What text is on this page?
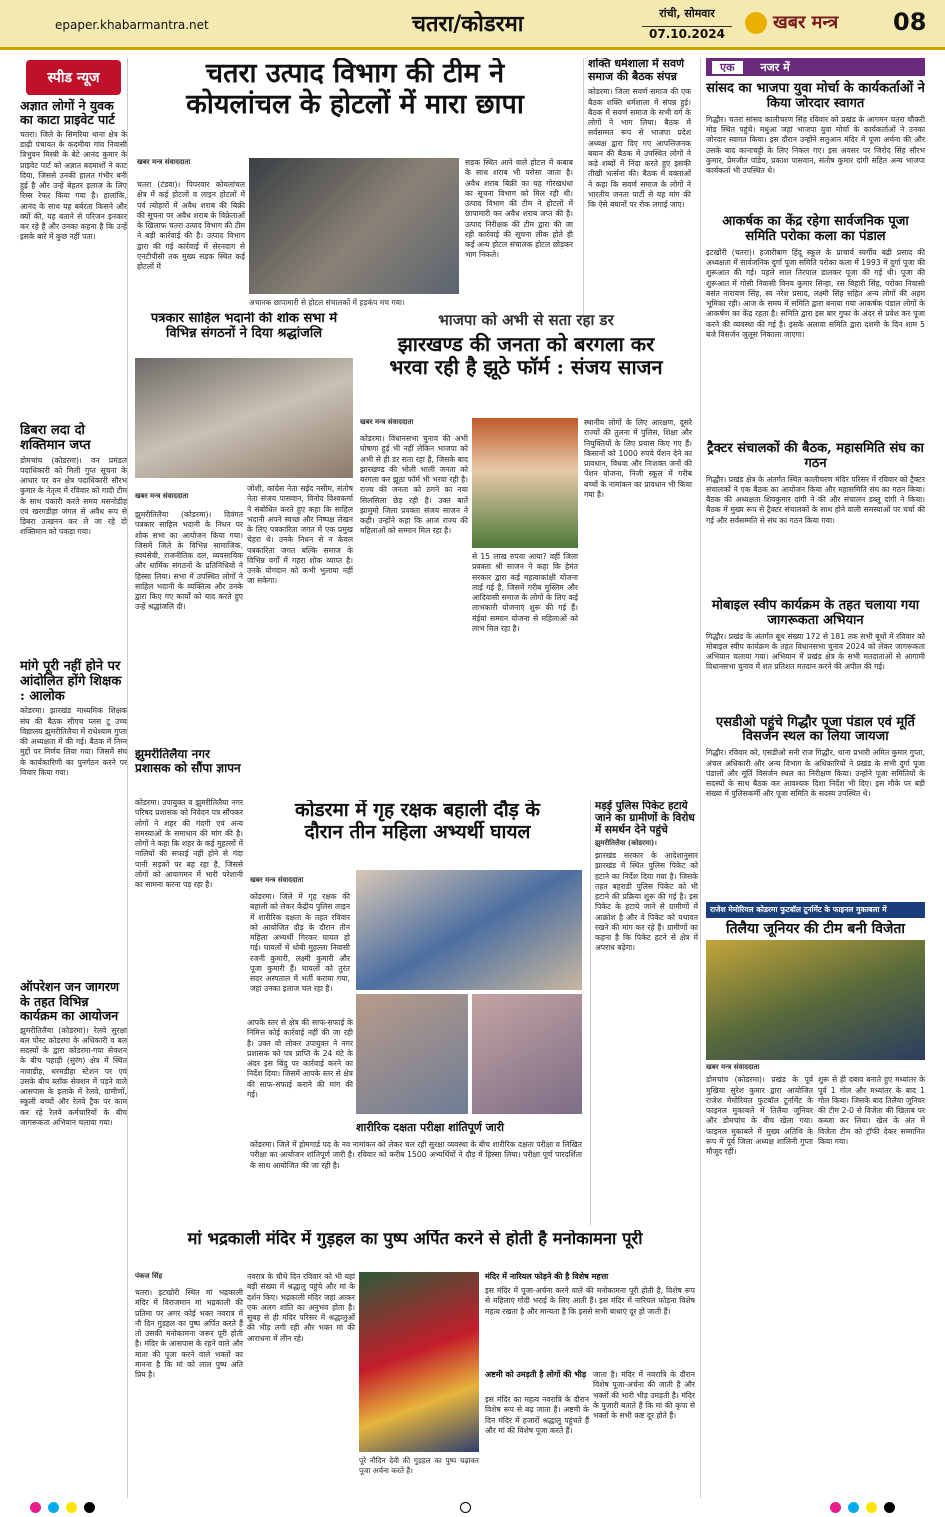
epaper.khabarmantra.net	चतरा/कोडरमा	रांची, सोमवार
07.10.2024
खबर मन्त्र 08
स्पीड न्यूज
अज्ञात लोगों ने युवक का काटा प्राइवेट पार्ट
चतरा। जिले के सिमरिया थाना क्षेत्र के डाढ़ी पंचायत के कदमीया गांव निवासी त्रिभुवन मिस्त्री के बेटे आनंद कुमार के प्राइवेट पार्ट को अज्ञात बदमाशों ने काट दिया, जिससे उनकी हालत गंभीर बनी हुई है और उन्हें बेहतर इलाज के लिए रिम्स रेफर किया गया है। हालांकि, आनंद के साथ यह बर्बरता किसने और क्यों की, यह बताने से परिजन इनकार कर रहे हैं और उनका कहना है कि उन्हें इसके बारे में कुछ नहीं पता।
डिबरा लदा दो शक्तिमान जप्त
डोमचांच (कोडरमा)। वन प्रमंडल पदाधिकारी को मिली गुप्त सूचना के आधार पर वन क्षेत्र पदाधिकारी सौरभ कुमार के नेतृत्व में रविवार को गादी टीम के साथ पंकारी करते समय मसनोडीह एवं खरगडीहा जंगल से अवैध रूप से डिबरा उत्खनन कर ले जा रहे दो शक्तिमान को पकड़ा गया।
मांगे पूरी नहीं होने पर आंदोलित होंगे शिक्षक : आलोक
कोडरमा। झारखंड माध्यमिक शिक्षक संघ की बैठक सीएच प्लस टू उच्च विद्यालय झुमरीतिलैया में राधेश्याम गुप्ता की अध्यक्षता में की गई। बैठक में निम्न मुद्दों पर निर्णय लिया गया। जिसमें संघ के कार्यकारिणी का पुनर्गठन करने पर विचार किया गया।
ऑपरेशन जन जागरण के तहत विभिन्न कार्यक्रम का आयोजन
झुमरीतिलैया (कोडरमा)। रेलवे सुरक्षा बल पोस्ट कोडरमा के अधिकारी व बल सदस्यों के द्वारा कोडरमा-गया सेक्शन के बीच पहाड़ी (सुरंग) क्षेत्र में स्थित नावाडीह, धरमडीहा स्टेशन पर एवं उसके बीच ब्लॉक सेक्शन में पड़ने वाले आसपास के इलाके में रेलवे, ग्रामीणों, स्कूली बच्चों और रेलवे ट्रैक पर काम कर रहे रेलवे कर्मचारियों के बीच जागरूकता अभियान चलाया गया।
चतरा उत्पाद विभाग की टीम ने
कोयलांचल के होटलों में मारा छापा
खबर मन्त्र संवाददाता
चतरा (टंडवा)। पिपरवार कोयलांचल क्षेत्र में कई होटलों व लाइन होटलों में पर्व त्योहारों में अवैध शराब की बिक्री की सूचना पर अवैध शराब के विक्रेताओं के खिलाफ चतरा उत्पाद विभाग की टीम ने बड़ी कार्रवाई की है। उत्पाद विभाग द्वारा की गई कार्रवाई में सेरनदाग से एनटीपीसी तक मुख्य सड़क स्थित कई होटलों में
अचानक छापामारी से होटल संचालकों में हड़कंप मच गया।
सड़क स्थित आने वाले होटल में कबाब के साथ शराब भी परोसा जाता है। अवैध शराब बिक्री का यह गोरखधंधा का सूचना विभाग को मिल रही थी। उत्पाद विभाग की टीम ने होटलों में छापामारी कर अवैध शराब जप्त की है। उत्पाद निरीक्षक की टीम द्वारा की जा रही कार्रवाई की सूचना लीक होते ही कई अन्य होटल संचालक होटल छोड़कर भाग निकले।
शक्ति धर्मशाला में सवर्ण समाज की बैठक संपन्न
कोडरमा। जिला सवर्ण समाज की एक बैठक शक्ति धर्मशाला में संपन्न हुई। बैठक में सवर्ण समाज के सभी वर्ग के लोगों ने भाग लिया। बैठक में सर्वसम्मत रूप से भाजपा प्रदेश अध्यक्ष द्वारा दिए गए आपत्तिजनक बयान की बैठक में उपस्थित लोगों ने कड़े शब्दों में निंदा करते हुए इसकी तीखी भर्त्सना की। बैठक में वक्ताओं ने कहा कि सवर्ण समाज के लोगों ने भारतीय जनता पार्टी से यह मांग की कि ऐसे बयानों पर रोक लगाई जाए।
एक नजर में
सांसद का भाजपा युवा मोर्चा के कार्यकर्ताओं ने किया जोरदार स्वागत
गिद्धौर। चतरा सांसद कालीचरण सिंह रविवार को प्रखंड के आगमन चतरा चौकरी मोड़ स्थित पहुंचे। मधुआ जहां भाजपा युवा मोर्चा के कार्यकर्ताओं ने उनका जोरदार स्वागत किया। इस दौरान उन्होंने सतुआन मंदिर में पूजा अर्चना की और उसके बाद कानाचट्टी के लिए निकल गए। इस अवसर पर जिरोद सिंह सौरभ कुमार, प्रेमजीत पांडेय, प्रकाश पासवान, संतोष कुमार दांगी सहित अन्य भाजपा कार्यकर्ता भी उपस्थित थे।
आकर्षक का केंद्र रहेगा सार्वजनिक पूजा समिति परोका कला का पंडाल
इटखोरी (चतरा)। हजारीबाग हिंदू स्कूल के प्राचार्य स्वर्गीय बद्री प्रसाद की अध्यक्षता में सार्वजनिक दुर्गा पूजा समिति परोका कला में 1993 में दुर्गा पूजा की शुरूआत की गई। पहले साल तिरपाल डालकर पूजा की गई थी। पूजा की शुरूआत में गोसी निवासी विनय कुमार सिन्हा, रस बिहारी सिंह, परोका निवासी बसंत नारायण सिंह, स्व नरेश प्रसाद, लक्ष्मी सिंह सहित अन्य लोगों की अहम भूमिका रही। आज के समय में समिति द्वारा बनाया गया आकर्षक पंडाल लोगों के आकर्षण का केंद्र रहता है। समिति द्वारा इस बार गुफा के अंदर से प्रवेश कर पूजा करने की व्यवस्था की गई है। इसके अलावा समिति द्वारा दशमी के दिन शाम 5 बजे विसर्जन जुलूस निकाला जाएगा।
ट्रैक्टर संचालकों की बैठक, महासमिति संघ का गठन
गिद्धौर। प्रखंड क्षेत्र के अंतर्गत स्थित कालीचरण मंदिर परिसर में रविवार को ट्रैक्टर संचालकों ने एक बैठक का आयोजन किया और महासमिति संघ का गठन किया। बैठक की अध्यक्षता शिवकुमार दांगी ने की और संचालन डब्लू दांगी ने किया। बैठक में मुख्य रूप से ट्रैक्टर संचालकों के साथ होने वाली समस्याओं पर चर्चा की गई और सर्वसम्मति से संघ का गठन किया गया।
मोबाइल स्वीप कार्यक्रम के तहत चलाया गया जागरूकता अभियान
गिद्धौर। प्रखंड के अंतर्गत बूथ संख्या 172 से 181 तक सभी बूथों में रविवार को मोबाइल स्वीप कार्यक्रम के तहत विधानसभा चुनाव 2024 को लेकर जागरूकता अभियान चलाया गया। अभियान में प्रखंड क्षेत्र के सभी मतदाताओं से आगामी विधानसभा चुनाव में शत प्रतिशत मतदान करने की अपील की गई।
एसडीओ पहुंचे गिद्धौर पूजा पंडाल एवं मूर्ति विसर्जन स्थल का लिया जायजा
गिद्धौर। रविवार को, एसडीओ सनी राज गिद्धौर, थाना प्रभारी अमित कुमार गुप्ता, अंचल अधिकारी और अन्य विभाग के अधिकारियों ने प्रखंड के सभी दुर्गा पूजा पंडालों और मूर्ति विसर्जन स्थल का निरीक्षण किया। उन्होंने पूजा समितियों के सदस्यों के साथ बैठक कर आवश्यक दिशा निर्देश भी दिए। इस मौके पर बड़ी संख्या में पुलिसकर्मी और पूजा समिति के सदस्य उपस्थित थे।
राजेश मेमोरियल कोडरमा फुटबॉल टूर्नामेंट के फाइनल मुकाबला में
तिलैया जूनियर की टीम बनी विजेता
खबर मन्त्र संवाददाता
डोमचांच (कोडरमा)। प्रखंड के पूर्व मुखिया सुरेश कुमार द्वारा आयोजित राजेश मेमोरियल फुटबॉल टूर्नामेंट के फाइनल मुकाबले में तिलैया जूनियर और डोमचांच के बीच खेला गया। फाइनल मुकाबले में मुख्य अतिथि के रूप में पूर्व जिला अध्यक्ष शालिनी गुप्ता मौजूद रहीं।
शुरू से ही दबाव बनाते हुए मध्यांतर के पूर्व 1 गोल और मध्यांतर के बाद 1 गोल किया। जिसके बाद तिलैया जूनियर की टीम 2-0 से विजेता की खिताब पर कब्जा कर लिया। खेल के अंत में विजेता टीम को ट्रॉफी देकर सम्मानित किया गया।
पत्रकार साहिल भदानी की शोक सभा में विभिन्न संगठनों ने दिया श्रद्धांजलि
खबर मन्त्र संवाददाता
झुमरीतिलैया (कोडरमा)। दिवंगत पत्रकार साहिल भदानी के निधन पर शोक सभा का आयोजन किया गया। जिसमें जिले के विभिन्न सामाजिक, स्वयंसेवी, राजनीतिक दल, व्यवसायिक और धार्मिक संगठनों के प्रतिनिधियों ने हिस्सा लिया। सभा में उपस्थित लोगों ने साहिल भदानी के व्यक्तित्व और उनके द्वारा किए गए कार्यों को याद करते हुए उन्हें श्रद्धांजलि दी।
जोशी, कांग्रेस नेता सईद नसीम, संतोष नेता संजय पासवान, विनोद विश्वकर्मा ने संबोधित करते हुए कहा कि साहिल भदानी अपने स्वच्छ और निष्पक्ष लेखन के लिए पत्रकारिता जगत में एक प्रमुख चेहरा थे। उनके निधन से न केवल पत्रकारिता जगत बल्कि समाज के विभिन्न वर्गों में गहरा शोक व्याप्त है। उनके योगदान को कभी भुलाया नहीं जा सकेगा।
भाजपा को अभी से सता रहा डर
झारखण्ड की जनता को बरगला कर
भरवा रही है झूठे फॉर्म : संजय साजन
खबर मन्त्र संवाददाता
कोडरमा। विधानसभा चुनाव की अभी घोषणा हुई भी नहीं लेकिन भाजपा को अभी से ही डर सता रहा है, जिसके बाद झारखण्ड की भोली भाली जनता को बरगला कर झूठा फॉर्म भी भरवा रही है। राज्य की जनता को ठगने का नया सिलसिला छेड़ रही है। उक्त बातें झामुमो जिला प्रवक्ता संजय साजन ने कही। उन्होंने कहा कि आज राज्य की महिलाओं को सम्मान मिल रहा है।
से 15 लाख रुपया आया? वहीं जिला प्रवक्ता श्री साजन ने कहा कि हेमंत सरकार द्वारा कई महत्वाकांक्षी योजना लाई गई है, जिसमें गरीब मुस्लिम और आदिवासी समाज के लोगों के लिए कई लाभकारी योजनाएं शुरू की गई हैं। मंईयां सम्मान योजना से महिलाओं को लाभ मिल रहा है।
स्थानीय लोगों के लिए आरक्षण, दूसरे राज्यों की तुलना में पुलिस, शिक्षा और नियुक्तियों के लिए प्रयास किए गए हैं। किसानों को 1000 रुपये पेंशन देने का प्रावधान, विधवा और निःशक्त जनों की पेंशन योजना, निजी स्कूल में गरीब बच्चों के नामांकन का प्रावधान भी किया गया है।
झुमरीतिलैया नगर प्रशासक को सौंपा ज्ञापन
कोडरमा। उपायुक्त व झुमरीतिलैया नगर परिषद प्रशासक को निवेदन पत्र सौंपकर लोगों ने शहर की गंदगी एवं अन्य समस्याओं के समाधान की मांग की है। लोगों ने कहा कि शहर के कई मुहल्लों में नालियों की सफाई नहीं होने से गंदा पानी सड़कों पर बह रहा है, जिससे लोगों को आवागमन में भारी परेशानी का सामना करना पड़ रहा है।
आपके स्तर से क्षेत्र की साफ-सफाई के निमित्त कोई कार्रवाई नहीं की जा रही है। उक्त वो लोकर उपायुक्त ने नगर प्रशासक को पत्र प्राप्ति के 24 घंटे के अंदर इस बिंदु पर कार्रवाई करने का निर्देश दिया। जिसमें आपके स्तर से क्षेत्र की साफ-सफाई कराने की मांग की गई।
कोडरमा में गृह रक्षक बहाली दौड़ के
दौरान तीन महिला अभ्यर्थी घायल
खबर मन्त्र संवाददाता
कोडरमा। जिले में गृह रक्षक की बहाली को लेकर केंद्रीय पुलिस लाइन में शारीरिक दक्षता के तहत रविवार को आयोजित दौड़ के दौरान तीन महिला अभ्यर्थी गिरकर घायल हो गई। घायलों में धोबी मुहल्ला निवासी रजनी कुमारी, लक्ष्मी कुमारी और पूजा कुमारी हैं। घायलों को तुरंत सदर अस्पताल में भर्ती कराया गया, जहां उनका इलाज चल रहा है।
शारीरिक दक्षता परीक्षा शांतिपूर्ण जारी
कोडरमा। जिले में होमगार्ड पद के नव नामांकन को लेकर चल रही सुरक्षा व्यवस्था के बीच शारीरिक दक्षता परीक्षा व लिखित परीक्षा का आयोजन शांतिपूर्ण जारी है। रविवार को करीब 1500 अभ्यर्थियों ने दौड़ में हिस्सा लिया। परीक्षा पूर्ण पारदर्शिता के साथ आयोजित की जा रही है।
मड़ई पुलिस पिकेट हटाये जाने का ग्रामीणों के विरोध में समर्थन देने पहुंचे
झुमरीतिलैया (कोडरमा)।
झारखंड सरकार के आदेशानुसार झारखंड में स्थित पुलिस पिकेट को हटाने का निर्देश दिया गया है। जिसके तहत बहराडी पुलिस पिकेट को भी हटाने की प्रक्रिया शुरू की गई है। इस पिकेट के हटाये जाने से ग्रामीणों में आक्रोश है और वे पिकेट को यथावत रखने की मांग कर रहे हैं। ग्रामीणों का कहना है कि पिकेट हटने से क्षेत्र में अपराध बढ़ेगा।
मां भद्रकाली मंदिर में गुड़हल का पुष्प अर्पित करने से होती है मनोकामना पूरी
पंकज सिंह
चतरा। इटखोरी स्थित मां भद्रकाली मंदिर में विराजमान मां भद्रकाली की प्रतिमा पर अगर कोई भक्त नवरात्र में नौ दिन गुड़हल का पुष्प अर्पित करते हैं तो उसकी मनोकामना जरूर पूरी होती है। मंदिर के आसपास के रहने वाले और माता की पूजा करने वाले भक्तों का मानना है कि मां को लाल पुष्प अति प्रिय है।
नवरात्र के चौथे दिन रविवार को भी यहां बड़ी संख्या में श्रद्धालु पहुंचे और मां के दर्शन किए। भद्रकाली मंदिर जहां आकर एक अलग शांति का अनुभव होता है। सुबह से ही मंदिर परिसर में श्रद्धालुओं की भीड़ लगी रही और भक्त मां की आराधना में लीन रहे।
पूरे नौदिन देवी की गुड़हल का पुष्प चढ़ाकर पूजा अर्चना करते हैं।
मंदिर में नारियल फोड़ने की है विशेष महत्ता
इस मंदिर में पूजा-अर्चना करने वाले की मनोकामना पूरी होती है, विशेष रूप से महिलाएं गोदी भराई के लिए आती हैं। इस मंदिर में नारियल फोड़ना विशेष महत्व रखता है और मान्यता है कि इससे सभी बाधाएं दूर हो जाती हैं।
अष्टमी को उमड़ती है लोगों की भीड़
इस मंदिर का महत्व नवरात्रि के दौरान विशेष रूप से बढ़ जाता है। अष्टमी के दिन मंदिर में हजारों श्रद्धालु पहुंचते हैं और मां की विशेष पूजा करते हैं।
जाता है। मंदिर में नवरात्रि के दौरान विशेष पूजा-अर्चना की जाती है और भक्तों की भारी भीड़ उमड़ती है। मंदिर के पुजारी बताते हैं कि मां की कृपा से भक्तों के सभी कष्ट दूर होते हैं।
